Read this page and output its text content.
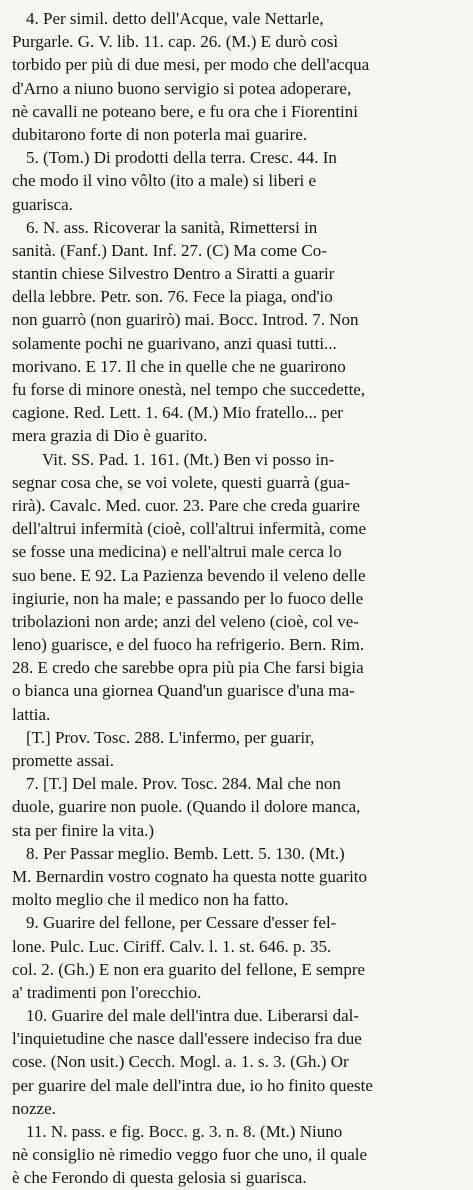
4. Per simil. detto dell'Acque, vale Nettarle,
Purgarle. G. V. lib. 11. cap. 26. (M.) E durò così
torbido per più di due mesi, per modo che dell'acqua
d'Arno a niuno buono servigio si potea adoperare,
nè cavalli ne poteano bere, e fu ora che i Fiorentini
dubitarono forte di non poterla mai guarire.
5. (Tom.) Di prodotti della terra. Cresc. 44. In
che modo il vino vôlto (ito a male) si liberi e
guarisca.
6. N. ass. Ricoverar la sanità, Rimettersi in
sanità. (Fanf.) Dant. Inf. 27. (C) Ma come Co-
stantin chiese Silvestro Dentro a Siratti a guarir
della lebbre. Petr. son. 76. Fece la piaga, ond'io
non guarrò (non guarirò) mai. Bocc. Introd. 7. Non
solamente pochi ne guarivano, anzi quasi tutti...
morivano. E 17. Il che in quelle che ne guarirono
fu forse di minore onestà, nel tempo che succedette,
cagione. Red. Lett. 1. 64. (M.) Mio fratello... per
mera grazia di Dio è guarito.
Vit. SS. Pad. 1. 161. (Mt.) Ben vi posso in-
segnar cosa che, se voi volete, questi guarrà (gua-
rirà). Cavalc. Med. cuor. 23. Pare che creda guarire
dell'altrui infermità (cioè, coll'altrui infermità, come
se fosse una medicina) e nell'altrui male cerca lo
suo bene. E 92. La Pazienza bevendo il veleno delle
ingiurie, non ha male; e passando per lo fuoco delle
tribolazioni non arde; anzi del veleno (cioè, col ve-
leno) guarisce, e del fuoco ha refrigerio. Bern. Rim.
28. E credo che sarebbe opra più pia Che farsi bigia
o bianca una giornea Quand'un guarisce d'una ma-
lattia.
[T.] Prov. Tosc. 288. L'infermo, per guarir,
promette assai.
7. [T.] Del male. Prov. Tosc. 284. Mal che non
duole, guarire non puole. (Quando il dolore manca,
sta per finire la vita.)
8. Per Passar meglio. Bemb. Lett. 5. 130. (Mt.)
M. Bernardin vostro cognato ha questa notte guarito
molto meglio che il medico non ha fatto.
9. Guarire del fellone, per Cessare d'esser fel-
lone. Pulc. Luc. Ciriff. Calv. l. 1. st. 646. p. 35.
col. 2. (Gh.) E non era guarito del fellone, E sempre
a' tradimenti pon l'orecchio.
10. Guarire del male dell'intra due. Liberarsi dal-
l'inquietudine che nasce dall'essere indeciso fra due
cose. (Non usit.) Cecch. Mogl. a. 1. s. 3. (Gh.) Or
per guarire del male dell'intra due, io ho finito queste
nozze.
11. N. pass. e fig. Bocc. g. 3. n. 8. (Mt.) Niuno
nè consiglio nè rimedio veggo fuor che uno, il quale
è che Ferondo di questa gelosia si guarisca.
